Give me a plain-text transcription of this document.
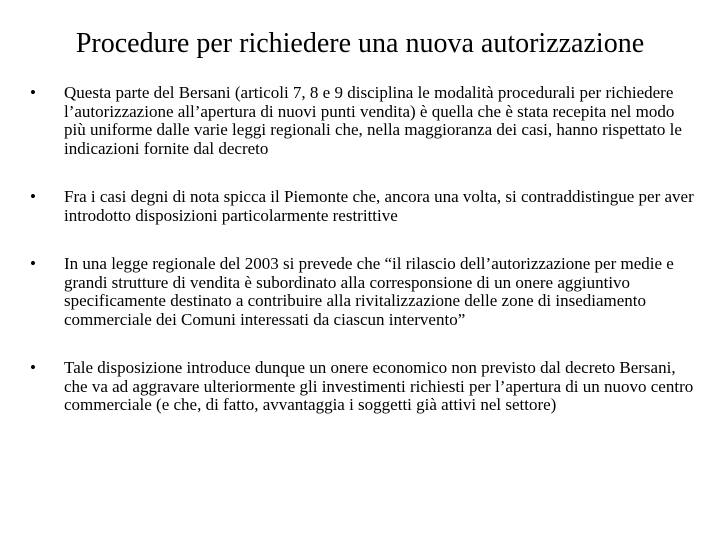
Procedure per richiedere una nuova autorizzazione
•	Questa parte del Bersani (articoli 7, 8 e 9 disciplina le modalità procedurali per richiedere l’autorizzazione all’apertura di nuovi punti vendita) è quella che è stata recepita nel modo più uniforme dalle varie leggi regionali che, nella maggioranza dei casi, hanno rispettato le indicazioni fornite dal decreto
•	Fra i casi degni di nota spicca il Piemonte che, ancora una volta, si contraddistingue per aver introdotto disposizioni particolarmente restrittive
•	In una legge regionale del 2003 si prevede che “il rilascio dell’autorizzazione per medie e grandi strutture di vendita è subordinato alla corresponsione di un onere aggiuntivo specificamente destinato a contribuire alla rivitalizzazione delle zone di insediamento commerciale dei Comuni interessati da ciascun intervento”
•	Tale disposizione introduce dunque un onere economico non previsto dal decreto Bersani, che va ad aggravare ulteriormente gli investimenti richiesti per l’apertura di un nuovo centro commerciale (e che, di fatto, avvantaggia i soggetti già attivi nel settore)
